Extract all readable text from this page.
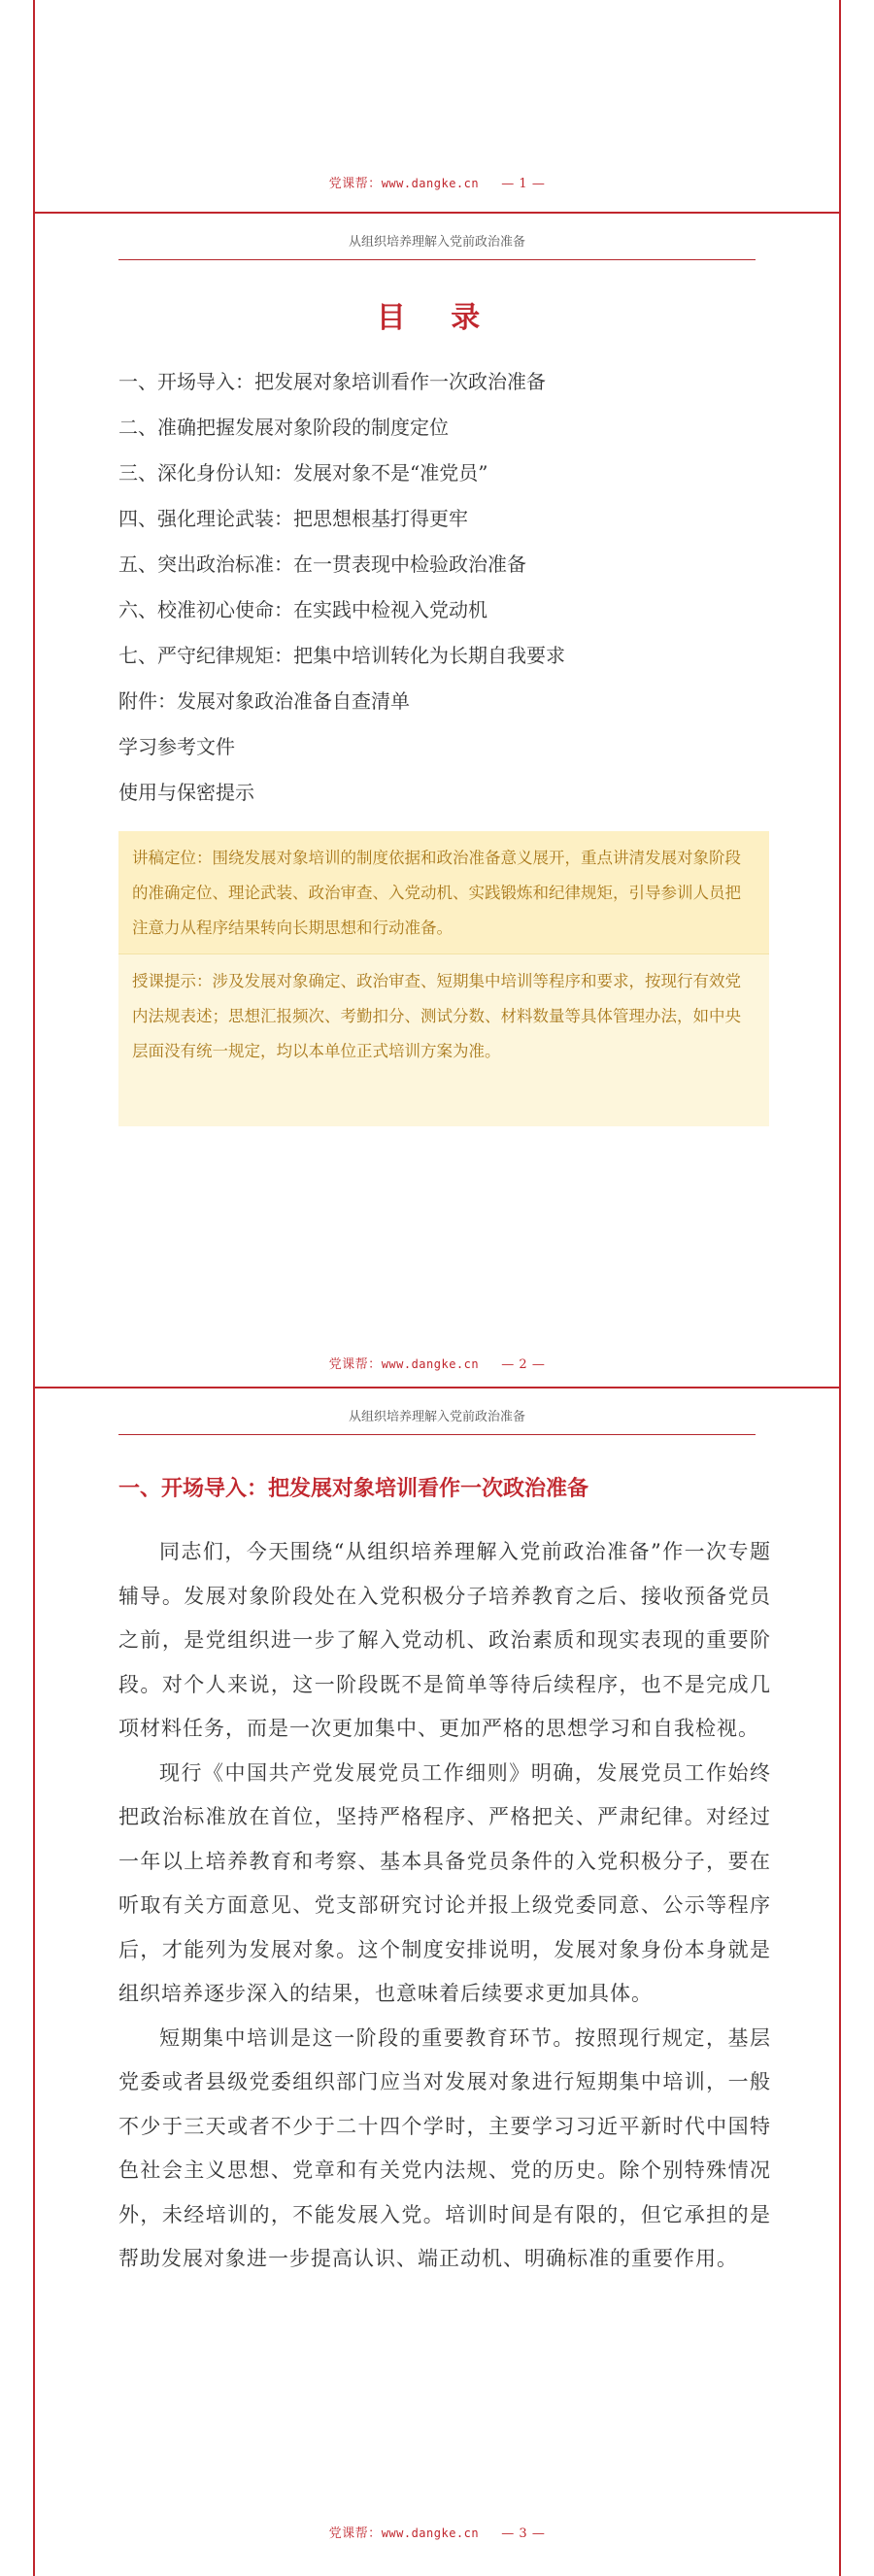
党课帮：www.dangke.cn — 1 —
从组织培养理解入党前政治准备
目 录
一、开场导入：把发展对象培训看作一次政治准备
二、准确把握发展对象阶段的制度定位
三、深化身份认知：发展对象不是“准党员”
四、强化理论武装：把思想根基打得更牢
五、突出政治标准：在一贯表现中检验政治准备
六、校准初心使命：在实践中检视入党动机
七、严守纪律规矩：把集中培训转化为长期自我要求
附件：发展对象政治准备自查清单
学习参考文件
使用与保密提示
讲稿定位：围绕发展对象培训的制度依据和政治准备意义展开，重点讲清发展对象阶段的准确定位、理论武装、政治审查、入党动机、实践锻炼和纪律规矩，引导参训人员把注意力从程序结果转向长期思想和行动准备。
授课提示：涉及发展对象确定、政治审查、短期集中培训等程序和要求，按现行有效党内法规表述；思想汇报频次、考勤扣分、测试分数、材料数量等具体管理办法，如中央层面没有统一规定，均以本单位正式培训方案为准。
党课帮：www.dangke.cn — 2 —
从组织培养理解入党前政治准备
一、开场导入：把发展对象培训看作一次政治准备

同志们，今天围绕“从组织培养理解入党前政治准备”作一次专题辅导。发展对象阶段处在入党积极分子培养教育之后、接收预备党员之前，是党组织进一步了解入党动机、政治素质和现实表现的重要阶段。对个人来说，这一阶段既不是简单等待后续程序，也不是完成几项材料任务，而是一次更加集中、更加严格的思想学习和自我检视。

现行《中国共产党发展党员工作细则》明确，发展党员工作始终把政治标准放在首位，坚持严格程序、严格把关、严肃纪律。对经过一年以上培养教育和考察、基本具备党员条件的入党积极分子，要在听取有关方面意见、党支部研究讨论并报上级党委同意、公示等程序后，才能列为发展对象。这个制度安排说明，发展对象身份本身就是组织培养逐步深入的结果，也意味着后续要求更加具体。

短期集中培训是这一阶段的重要教育环节。按照现行规定，基层党委或者县级党委组织部门应当对发展对象进行短期集中培训，一般不少于三天或者不少于二十四个学时，主要学习习近平新时代中国特色社会主义思想、党章和有关党内法规、党的历史。除个别特殊情况外，未经培训的，不能发展入党。培训时间是有限的，但它承担的是帮助发展对象进一步提高认识、端正动机、明确标准的重要作用。

党课帮：www.dangke.cn — 3 —
